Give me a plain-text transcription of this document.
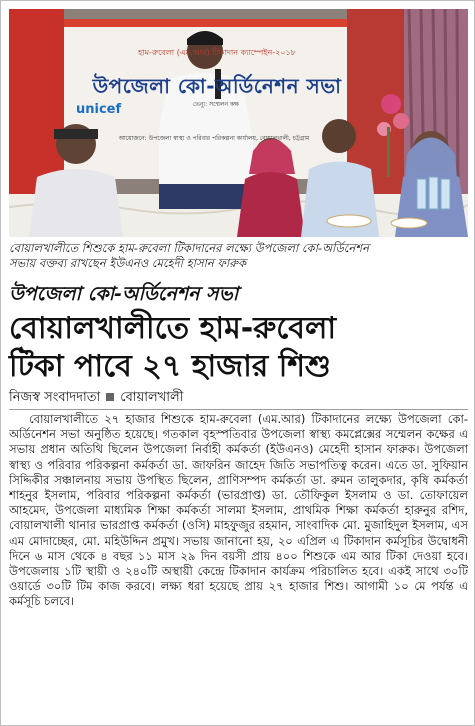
হাম-রুবেলা (এম.আর) টিকাদান ক্যাম্পেইন-২০১৮
উপজেলা কো-অর্ডিনেশন সভা
ভেন্যু: সম্মেলন কক্ষ
unicef
আয়োজনে: উপজেলা স্বাস্থ্য ও পরিবার পরিকল্পনা কার্যালয়, বোয়ালখালী, চট্টগ্রাম
বোয়ালখালীতে শিশুকে হাম-রুবেলা টিকাদানের লক্ষ্যে উপজেলা কো-অর্ডিনেশন
সভায় বক্তব্য রাখছেন ইউএনও মেহেদী হাসান ফারুক
উপজেলা কো-অর্ডিনেশন সভা
বোয়ালখালীতে হাম-রুবেলা
টিকা পাবে ২৭ হাজার শিশু
নিজস্ব সংবাদদাতা বোয়ালখালী

বোয়ালখালীতে ২৭ হাজার শিশুকে হাম-রুবেলা (এম.আর) টিকাদানের লক্ষ্যে উপজেলা কো-অর্ডিনেশন সভা অনুষ্ঠিত হয়েছে। গতকাল বৃহস্পতিবার উপজেলা স্বাস্থ্য কমপ্লেক্সের সম্মেলন কক্ষের এ সভায় প্রধান অতিথি ছিলেন উপজেলা নির্বাহী কর্মকর্তা (ইউএনও) মেহেদী হাসান ফারুক। উপজেলা স্বাস্থ্য ও পরিবার পরিকল্পনা কর্মকর্তা ডা. জাফরিন জাহেদ জিতি সভাপতিত্ব করেন। এতে ডা. সুফিয়ান সিদ্দিকীর সঞ্চালনায় সভায় উপস্থিত ছিলেন, প্রাণিসম্পদ কর্মকর্তা ডা. রুমন তালুকদার, কৃষি কর্মকর্তা শাহনুর ইসলাম, পরিবার পরিকল্পনা কর্মকর্তা (ভারপ্রাপ্ত) ডা. তৌফিকুল ইসলাম ও ডা. তোফায়েল আহমেদ, উপজেলা মাধ্যমিক শিক্ষা কর্মকর্তা সালমা ইসলাম, প্রাথমিক শিক্ষা কর্মকর্তা হারুনুর রশিদ, বোয়ালখালী থানার ভারপ্রাপ্ত কর্মকর্তা (ওসি) মাহফুজুর রহমান, সাংবাদিক মো. মুজাহিদুল ইসলাম, এস এম মোদাচ্ছের, মো. মহিউদ্দিন প্রমুখ। সভায় জানানো হয়, ২০ এপ্রিল এ টিকাদান কর্মসূচির উদ্বোধনী দিনে ৬ মাস থেকে ৪ বছর ১১ মাস ২৯ দিন বয়সী প্রায় ৪০০ শিশুকে এম আর টিকা দেওয়া হবে। উপজেলায় ১টি স্থায়ী ও ২৪০টি অস্থায়ী কেন্দ্রে টিকাদান কার্যক্রম পরিচালিত হবে। একই সাথে ৩০টি ওয়ার্ডে ৩০টি টিম কাজ করবে। লক্ষ্য ধরা হয়েছে প্রায় ২৭ হাজার শিশু। আগামী ১০ মে পর্যন্ত এ কর্মসূচি চলবে।
